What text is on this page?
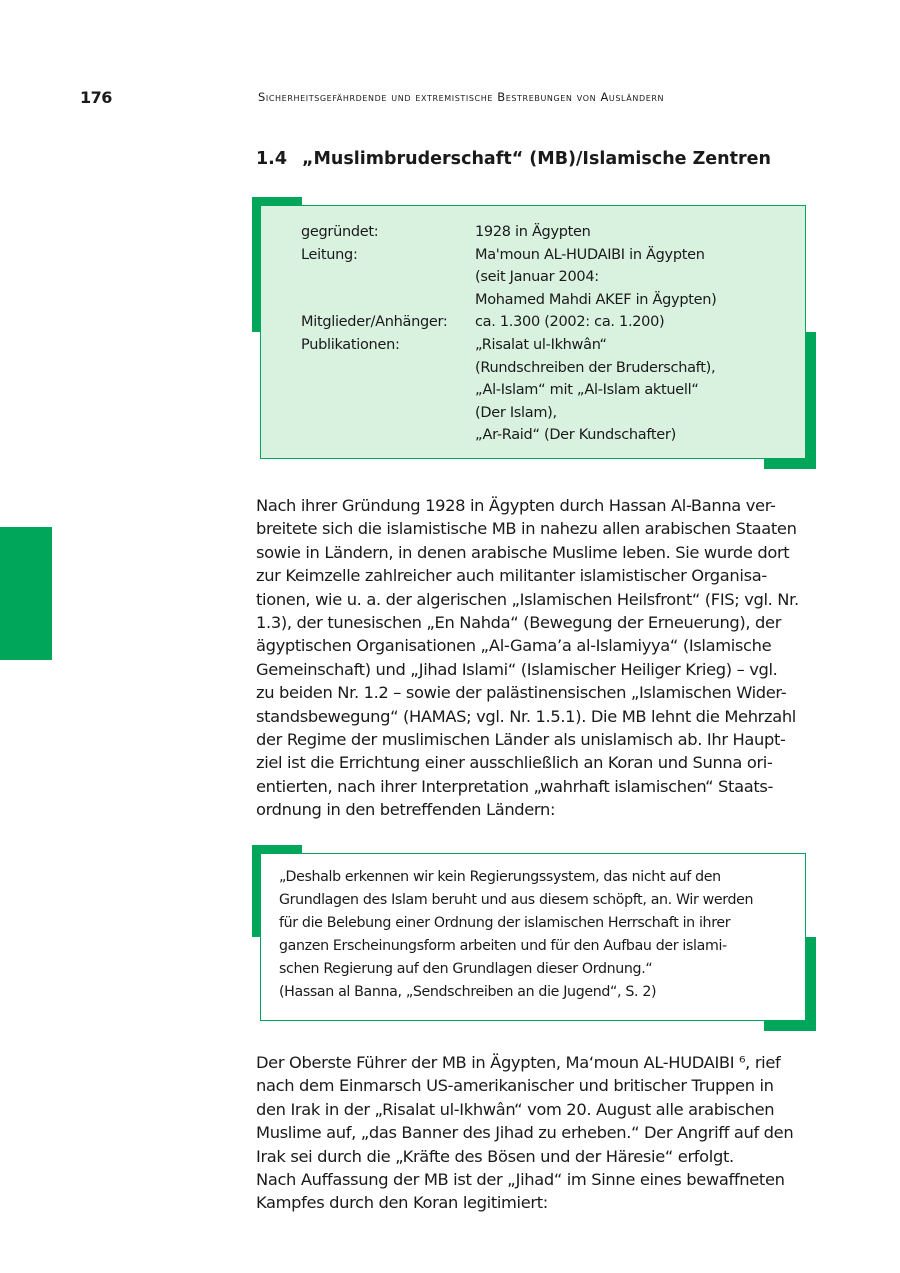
176	Sicherheitsgefährdende und extremistische Bestrebungen von Ausländern
1.4 „Muslimbruderschaft“ (MB)/Islamische Zentren
gegründet:	1928 in Ägypten
Leitung:	Ma'moun AL-HUDAIBI in Ägypten
(seit Januar 2004:
Mohamed Mahdi AKEF in Ägypten)
Mitglieder/Anhänger:	ca. 1.300 (2002: ca. 1.200)
Publikationen:	„Risalat ul-Ikhwân“
(Rundschreiben der Bruderschaft),
„Al-Islam“ mit „Al-Islam aktuell“
(Der Islam),
„Ar-Raid“ (Der Kundschafter)

Nach ihrer Gründung 1928 in Ägypten durch Hassan Al-Banna ver-
breitete sich die islamistische MB in nahezu allen arabischen Staaten
sowie in Ländern, in denen arabische Muslime leben. Sie wurde dort
zur Keimzelle zahlreicher auch militanter islamistischer Organisa-
tionen, wie u. a. der algerischen „Islamischen Heilsfront“ (FIS; vgl. Nr.
1.3), der tunesischen „En Nahda“ (Bewegung der Erneuerung), der
ägyptischen Organisationen „Al-Gama’a al-Islamiyya“ (Islamische
Gemeinschaft) und „Jihad Islami“ (Islamischer Heiliger Krieg) – vgl.
zu beiden Nr. 1.2 – sowie der palästinensischen „Islamischen Wider-
standsbewegung“ (HAMAS; vgl. Nr. 1.5.1). Die MB lehnt die Mehrzahl
der Regime der muslimischen Länder als unislamisch ab. Ihr Haupt-
ziel ist die Errichtung einer ausschließlich an Koran und Sunna ori-
entierten, nach ihrer Interpretation „wahrhaft islamischen“ Staats-
ordnung in den betreffenden Ländern:

„Deshalb erkennen wir kein Regierungssystem, das nicht auf den
Grundlagen des Islam beruht und aus diesem schöpft, an. Wir werden
für die Belebung einer Ordnung der islamischen Herrschaft in ihrer
ganzen Erscheinungsform arbeiten und für den Aufbau der islami-
schen Regierung auf den Grundlagen dieser Ordnung.“
(Hassan al Banna, „Sendschreiben an die Jugend“, S. 2)

Der Oberste Führer der MB in Ägypten, Ma‘moun AL-HUDAIBI ⁶, rief
nach dem Einmarsch US-amerikanischer und britischer Truppen in
den Irak in der „Risalat ul-Ikhwân“ vom 20. August alle arabischen
Muslime auf, „das Banner des Jihad zu erheben.“ Der Angriff auf den
Irak sei durch die „Kräfte des Bösen und der Häresie“ erfolgt.
Nach Auffassung der MB ist der „Jihad“ im Sinne eines bewaffneten
Kampfes durch den Koran legitimiert:
